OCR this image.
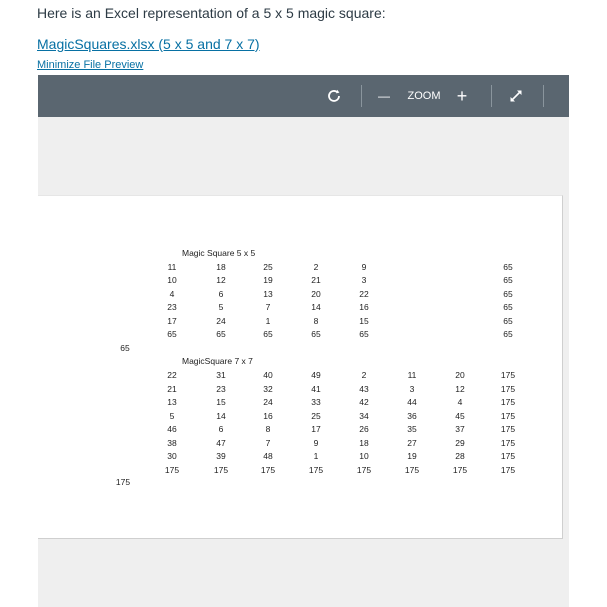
Here is an Excel representation of a 5 x 5 magic square:
MagicSquares.xlsx (5 x 5 and 7 x 7)
Minimize File Preview
—	ZOOM +
Magic Square 5 x 5
11	18	25	2	9	65
10	12	19	21	3	65
4	6	13	20	22	65
23	5	7	14	16	65
17	24	1	8	15	65
65	65	65	65	65	65
65
MagicSquare 7 x 7
22	31	40	49	2	11	20	175
21	23	32	41	43	3	12	175
13	15	24	33	42	44	4	175
5	14	16	25	34	36	45	175
46	6	8	17	26	35	37	175
38	47	7	9	18	27	29	175
30	39	48	1	10	19	28	175
175	175	175	175	175	175	175	175
175
